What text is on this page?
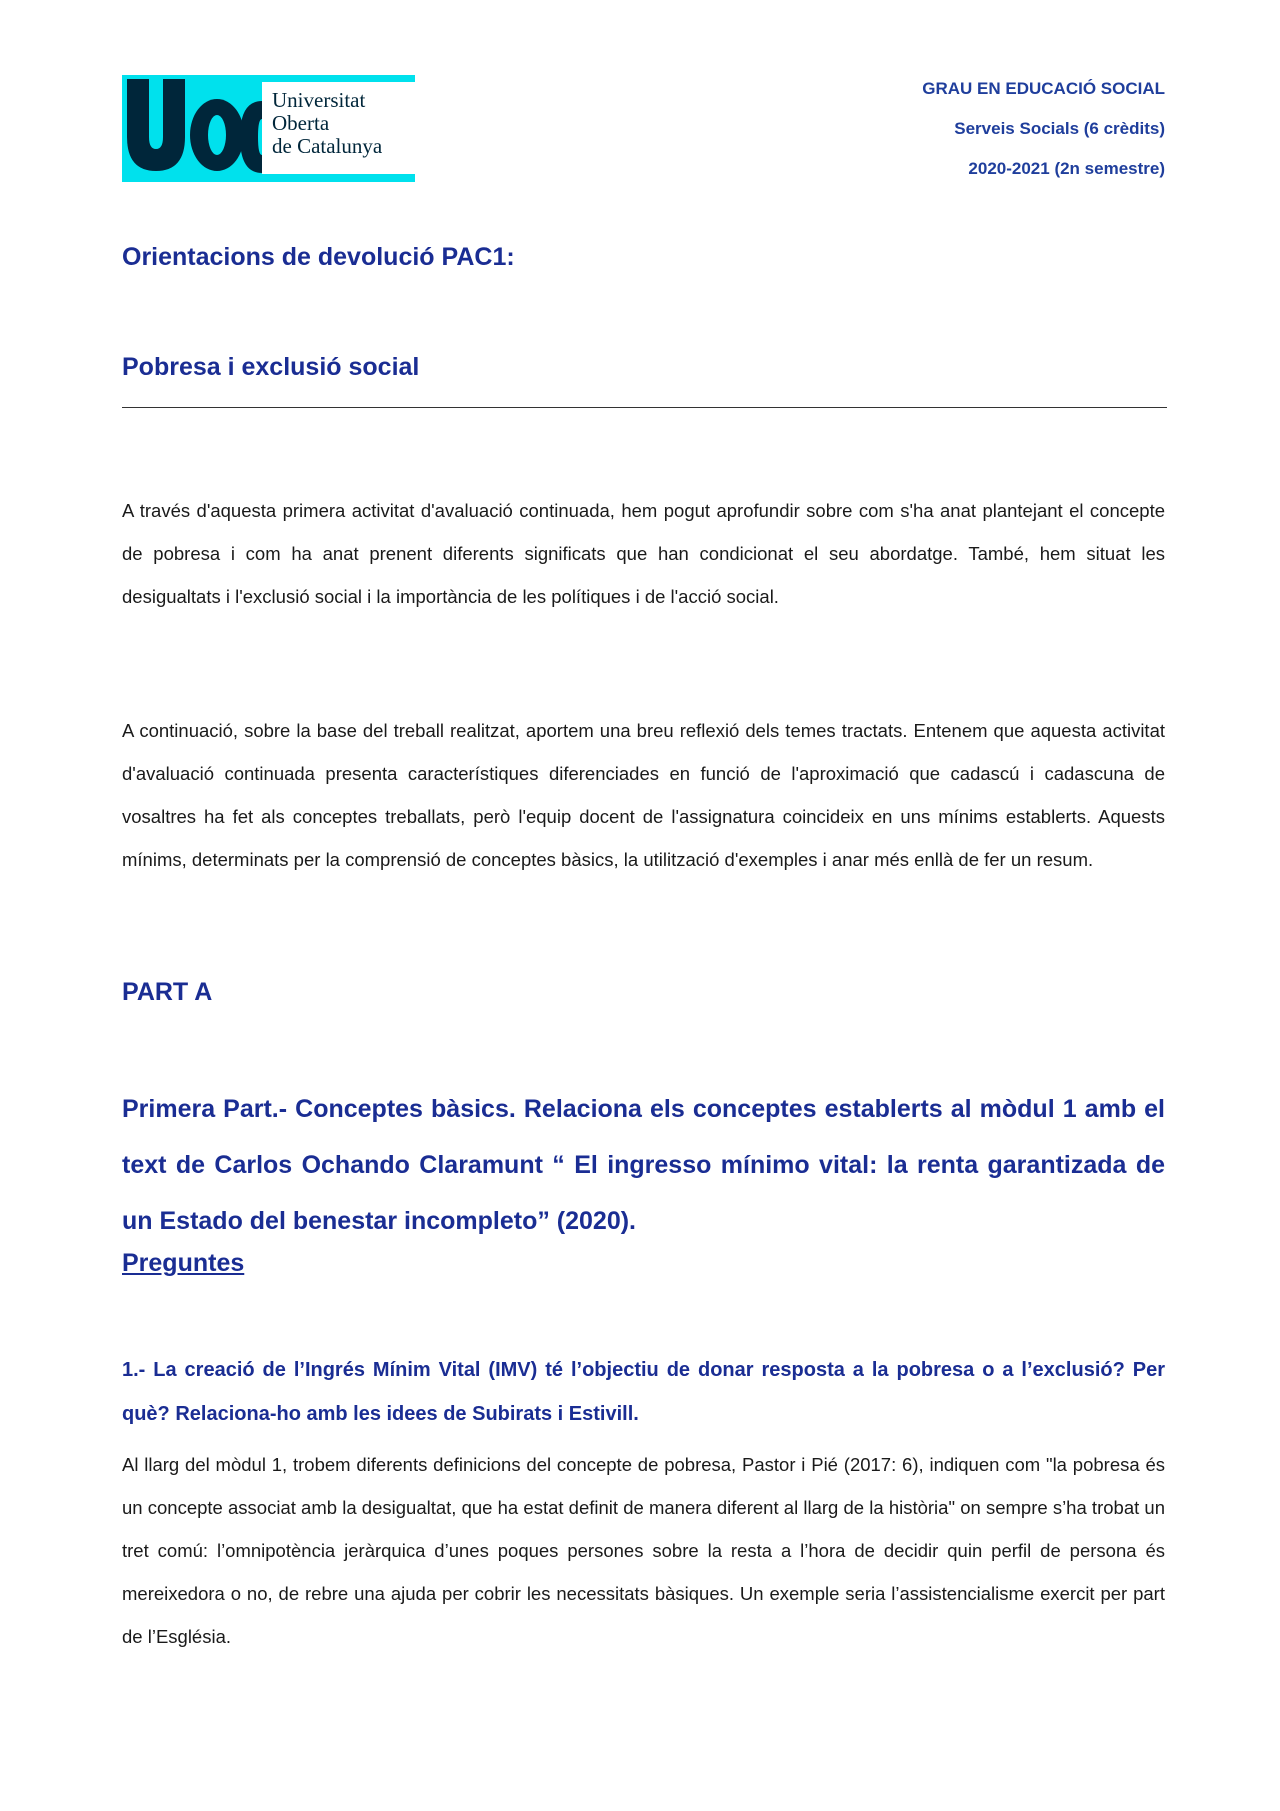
Universitat
Oberta
de Catalunya
GRAU EN EDUCACIÓ SOCIAL
Serveis Socials (6 crèdits)
2020-2021 (2n semestre)
Orientacions de devolució PAC1:
Pobresa i exclusió social
A través d'aquesta primera activitat d'avaluació continuada, hem pogut aprofundir sobre com s'ha anat plantejant el concepte de pobresa i com ha anat prenent diferents significats que han condicionat el seu abordatge. També, hem situat les desigualtats i l'exclusió social i la importància de les polítiques i de l'acció social.
A continuació, sobre la base del treball realitzat, aportem una breu reflexió dels temes tractats. Entenem que aquesta activitat d'avaluació continuada presenta característiques diferenciades en funció de l'aproximació que cadascú i cadascuna de vosaltres ha fet als conceptes treballats, però l'equip docent de l'assignatura coincideix en uns mínims establerts. Aquests mínims, determinats per la comprensió de conceptes bàsics, la utilització d'exemples i anar més enllà de fer un resum.
PART A
Primera Part.- Conceptes bàsics. Relaciona els conceptes establerts al mòdul 1 amb el text de Carlos Ochando Claramunt “ El ingresso mínimo vital: la renta garantizada de un Estado del benestar incompleto” (2020).
Preguntes
1.- La creació de l’Ingrés Mínim Vital (IMV) té l’objectiu de donar resposta a la pobresa o a l’exclusió? Per què? Relaciona-ho amb les idees de Subirats i Estivill.
Al llarg del mòdul 1, trobem diferents definicions del concepte de pobresa, Pastor i Pié (2017: 6), indiquen com "la pobresa és un concepte associat amb la desigualtat, que ha estat definit de manera diferent al llarg de la història" on sempre s’ha trobat un tret comú: l’omnipotència jeràrquica d’unes poques persones sobre la resta a l’hora de decidir quin perfil de persona és mereixedora o no, de rebre una ajuda per cobrir les necessitats bàsiques. Un exemple seria l’assistencialisme exercit per part de l’Església.
